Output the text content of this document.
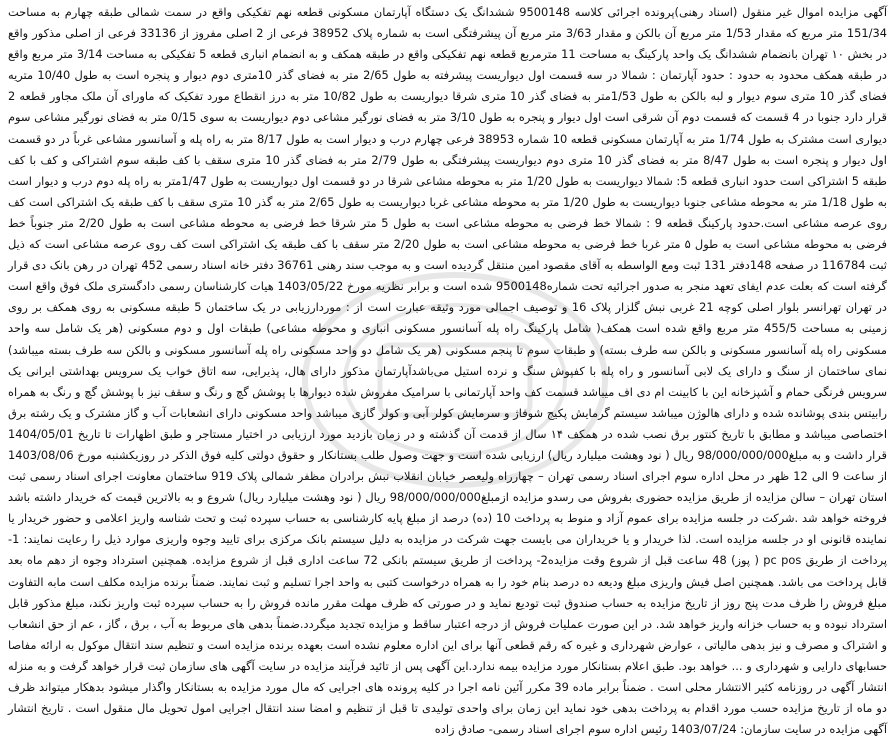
آگهی مزایده اموال غیر منقول (اسناد رهنی)پرونده اجرائی کلاسه 9500148 ششدانگ یک دستگاه آپارتمان مسکونی قطعه نهم تفکیکی واقع در سمت شمالی طبقه چهارم به مساحت 151/34 متر مربع که مقدار 1/53 متر مربع آن بالکن و مقدار 3/63 متر مربع آن پیشرفتگی است به شماره پلاک 38952 فرعی از 2 اصلی مفروز از 33136 فرعی از اصلی مذکور واقع در بخش ۱۰ تهران بانضمام ششدانگ یک واحد پارکینگ به مساحت 11 مترمربع قطعه نهم تفکیکی واقع در طبقه همکف و به انضمام انباری قطعه 5 تفکیکی به مساحت 3/14 متر مربع واقع در طبقه همکف محدود به حدود : حدود آپارتمان : شمالا در سه قسمت اول دیواریست پیشرفته به طول 2/65 متر به فضای گذر 10متری دوم دیوار و پنجره است به طول 10/40 متریه فضای گذر 10 متری سوم دیوار و لبه بالکن به طول 1/53متر به فضای گذر 10 متری شرقا دیواریست به طول 10/82 متر به درز انقطاع مورد تفکیک که ماورای آن ملک مجاور قطعه 2 قرار دارد جنوبا در 4 قسمت که قسمت دوم آن شرقی است اول دیوار و پنجره به طول 3/10 متر به فضای نورگیر مشاعی دوم دیواریست به سوی 0/15 متر به فضای نورگیر مشاعی سوم دیواری است مشترک به طول 1/74 متر به آپارتمان مسکونی قطعه 10 شماره 38953 فرعی چهارم درب و دیوار است به طول 8/17 متر به راه پله و آسانسور مشاعی غرباً در دو قسمت اول دیوار و پنجره است به طول 8/47 متر به فضای گذر 10 متری دوم دیواریست پیشرفتگی به طول 2/79 متر به فضای گذر 10 متری سقف با کف طبقه سوم اشتراکی و کف با کف طبقه 5 اشتراکی است حدود انباری قطعه 5: شمالا دیواریست به طول 1/20 متر به محوطه مشاعی شرقا در دو قسمت اول دیواریست به طول 1/47متر به راه پله دوم درب و دیوار است به طول 1/18 متر به محوطه مشاعی جنوبا دیواریست به طول 1/20 متر به محوطه مشاعی غربا دیواریست به طول 2/65 متر به گذر 10 متری سقف با کف طبقه یک اشتراکی است کف روی عرصه مشاعی است.حدود پارکینگ قطعه 9 : شمالا خط فرضی به محوطه مشاعی است به طول 5 متر شرقا خط فرضی به محوطه مشاعی است به طول 2/20 متر جنوباً خط فرضی به محوطه مشاعی است به طول ۵ متر غربا خط فرضی به محوطه مشاعی است به طول 2/20 متر سقف با کف طبقه یک اشتراکی است کف روی عرصه مشاعی است که ذیل ثبت 116784 در صفحه 148دفتر 131 ثبت ومع الواسطه به آقای مقصود امین منتقل گردیده است و به موجب سند رهنی 36761 دفتر خانه اسناد رسمی 452 تهران در رهن بانک دی قرار گرفته است که بعلت عدم ایفای تعهد منجر به صدور اجرائیه تحت شماره9500148 شده است و برابر نظریه مورخ 1403/05/22 هیات کارشناسان رسمی دادگستری ملک فوق واقع است در تهران تهرانسر بلوار اصلی کوچه 21 غربی نبش گلزار پلاک 16 و توصیف اجمالی مورد وثیقه عبارت است از : موردارزیابی در یک ساختمان 5 طبقه مسکونی به روی همکف بر روی زمینی به مساحت 455/5 متر مربع واقع شده است همکف( شامل پارکینگ راه پله آسانسور مسکونی انباری و محوطه مشاعی) طبقات اول و دوم مسکونی (هر یک شامل سه واحد مسکونی راه پله آسانسور مسکونی و بالکن سه طرف بسته) و طبقات سوم تا پنجم مسکونی (هر یک شامل دو واحد مسکونی راه پله آسانسور مسکونی و بالکن سه طرف بسته میباشد) نمای ساختمان از سنگ و دارای یک لابی آسانسور و راه پله با کفپوش سنگ و نرده استیل می‌باشدآپارتمان مذکور دارای هال، پذیرایی، سه اتاق خواب یک سرویس بهداشتی ایرانی یک سرویس فرنگی حمام و آشپزخانه این با کابینت ام دی اف میباشد قسمت کف واحد آپارتمانی با سرامیک مفروش شده دیوارها با پوشش گچ و رنگ و سقف نیز با پوشش گچ و رنگ به همراه رابیتس بندی پوشانده شده و دارای هالوژن میباشد سیستم گرمایش پکیج شوفاژ و سرمایش کولر آبی و کولر گازی میباشد واحد مسکونی دارای انشعابات آب و گاز مشترک و یک رشته برق اختصاصی میباشد و مطابق با تاریخ کنتور برق نصب شده در همکف ۱۴ سال از قدمت آن گذشته و در زمان بازدید مورد ارزیابی در اختیار مستاجر و طبق اظهارات تا تاریخ 1404/05/01 قرار داشت و به مبلغ98/000/000/000 ریال ( نود وهشت میلیارد ریال) ارزیابی شده است و جهت وصول طلب بستانکار و حقوق دولتی کلیه فوق الذکر در روزیکشنبه مورخ 1403/08/06 از ساعت 9 الی 12 ظهر در محل اداره سوم اجرای اسناد رسمی تهران – چهارراه ولیعصر خیابان انقلاب نبش برادران مظفر شمالی پلاک 919 ساختمان معاونت اجرای اسناد رسمی ثبت استان تهران – سالن مزایده از طریق مزایده حضوری بفروش می رسدو مزایده ازمبلغ98/000/000/000 ریال ( نود وهشت میلیارد ریال) شروع و به بالاترین قیمت که خریدار داشته باشد فروخته خواهد شد .شرکت در جلسه مزایده برای عموم آزاد و منوط به پرداخت 10 (ده) درصد از مبلغ پایه کارشناسی به حساب سپرده ثبت و تحت شناسه واریز اعلامی و حضور خریدار یا نماینده قانونی او در جلسه مزایده است. لذا خریدار و یا خریداران می بایست جهت شرکت در مزایده به دلیل سیستم بانک مرکزی برای تایید وجوه واریزی موارد ذیل را رعایت نمایند: 1- پرداخت از طریق pc pos ( پوز) 48 ساعت قبل از شروع وقت مزایده2- پرداخت از طریق سیستم بانکی 72 ساعت اداری قبل از شروع مزایده. همچنین استرداد وجوه از دهم ماه بعد قابل پرداخت می باشد. همچنین اصل فیش واریزی مبلغ ودیعه ده درصد بنام خود را به همراه درخواست کتبی به واحد اجرا تسلیم و ثبت نمایند. ضمناً برنده مزایده مکلف است مابه التفاوت مبلغ فروش را ظرف مدت پنج روز از تاریخ مزایده به حساب صندوق ثبت تودیع نماید و در صورتی که ظرف مهلت مقرر مانده فروش را به حساب سپرده ثبت واریز نکند، مبلغ مذکور قابل استرداد نبوده و به حساب خزانه واریز خواهد شد. در این صورت عملیات فروش از درجه اعتبار ساقط و مزایده تجدید میگردد.ضمناً بدهی های مربوط به آب ، برق ، گاز ، عم از حق انشعاب و اشتراک و مصرف و نیز بدهی مالیاتی ، عوارض شهرداری و غیره که رقم قطعی آنها برای این اداره معلوم نشده است بعهده برنده مزایده است و تنظیم سند انتقال موکول به ارائه مفاصا حسابهای دارایی و شهرداری و ... خواهد بود. طبق اعلام بستانکار مورد مزایده بیمه ندارد.این آگهی پس از تائید فرآیند مزایده در سایت آگهی های سازمان ثبت قرار خواهد گرفت و به منزله انتشار آگهی در روزنامه کثیر الانتشار محلی است . ضمناً برابر ماده 39 مکرر آئین نامه اجرا در کلیه پرونده های اجرایی که مال مورد مزایده به بستانکار واگذار میشود بدهکار میتواند ظرف دو ماه از تاریخ مزایده حسب مورد اقدام به پرداخت بدهی خود نماید این زمان برای واحدی تولیدی تا قبل از تنظیم و امضا سند انتقال اجرایی امول تحویل مال منقول است . تاریخ انتشار آگهی مزایده در سایت سازمان: 1403/07/24 رئیس اداره سوم اجرای اسناد رسمی- صادق زاده
